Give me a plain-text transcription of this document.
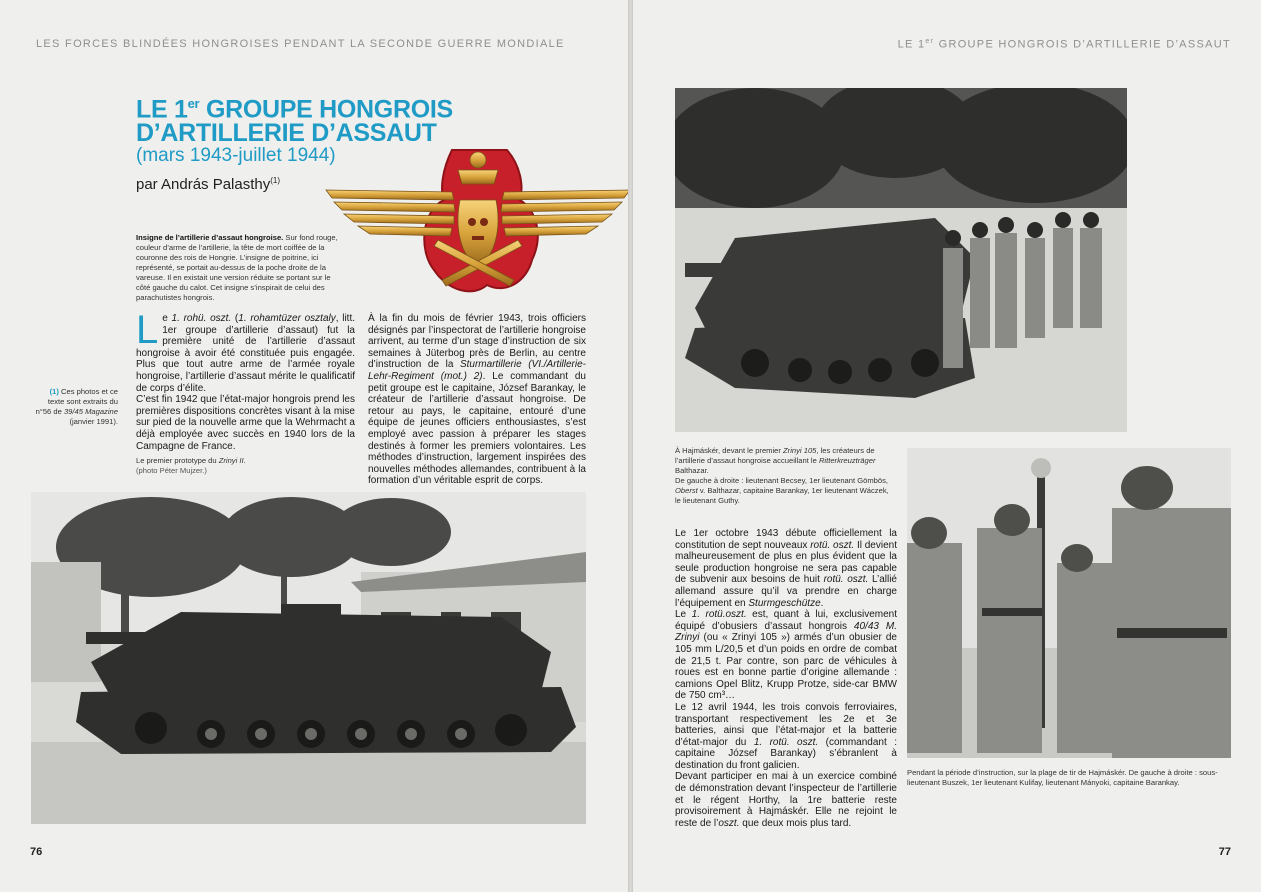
LES FORCES BLINDÉES HONGROISES PENDANT LA SECONDE GUERRE MONDIALE
LE 1er GROUPE HONGROIS
D’ARTILLERIE D’ASSAUT
(mars 1943-juillet 1944)
par András Palasthy$^{(1)}$
Insigne de l’artillerie d’assaut hongroise. Sur fond rouge, couleur d’arme de l’artillerie, la tête de mort coiffée de la couronne des rois de Hongrie. L’insigne de poitrine, ici représenté, se portait au-dessus de la poche droite de la vareuse. Il en existait une version réduite se portant sur le côté gauche du calot. Cet insigne s’inspirait de celui des parachutistes hongrois.
(1) Ces photos et ce texte sont extraits du n°56 de 39/45 Magazine (janvier 1991).

Le 1. rohü. oszt. (1. rohamtüzer osztaly, litt. 1er groupe d’artillerie d’assaut) fut la première unité de l’artillerie d’assaut hongroise à avoir été constituée puis engagée. Plus que tout autre arme de l’armée royale hongroise, l’artillerie d’assaut mérite le qualificatif de corps d’élite.

C’est fin 1942 que l’état-major hongrois prend les premières dispositions concrètes visant à la mise sur pied de la nouvelle arme que la Wehrmacht a déjà employée avec succès en 1940 lors de la Campagne de France.

Le premier prototype du Zrinyi II.
(photo Péter Mujzer.)

À la fin du mois de février 1943, trois officiers désignés par l’inspectorat de l’artillerie hongroise arrivent, au terme d’un stage d’instruction de six semaines à Jüterbog près de Berlin, au centre d’instruction de la Sturmartillerie (VI./Artillerie-Lehr-Regiment (mot.) 2). Le commandant du petit groupe est le capitaine, József Barankay, le créateur de l’artillerie d’assaut hongroise. De retour au pays, le capitaine, entouré d’une équipe de jeunes officiers enthousiastes, s’est employé avec passion à préparer les stages destinés à former les premiers volontaires. Les méthodes d’instruction, largement inspirées des nouvelles méthodes allemandes, contribuent à la formation d’un véritable esprit de corps.

76
LE 1er GROUPE HONGROIS D’ARTILLERIE D’ASSAUT
À Hajmáskér, devant le premier Zrinyi 105, les créateurs de l’artillerie d’assaut hongroise accueillant le Ritterkreuzträger Balthazar.
De gauche à droite : lieutenant Becsey, 1er lieutenant Gömbös, Oberst v. Balthazar, capitaine Barankay, 1er lieutenant Wáczek, le lieutenant Guthy.

Le 1er octobre 1943 débute officiellement la constitution de sept nouveaux rotü. oszt. Il devient malheureusement de plus en plus évident que la seule production hongroise ne sera pas capable de subvenir aux besoins de huit rotü. oszt. L’allié allemand assure qu’il va prendre en charge l’équipement en Sturmgeschütze.

Le 1. rotü.oszt. est, quant à lui, exclusivement équipé d’obusiers d’assaut hongrois 40/43 M. Zrinyi (ou « Zrinyi 105 ») armés d’un obusier de 105 mm L/20,5 et d’un poids en ordre de combat de 21,5 t. Par contre, son parc de véhicules à roues est en bonne partie d’origine allemande : camions Opel Blitz, Krupp Protze, side-car BMW de 750 cm³…

Le 12 avril 1944, les trois convois ferroviaires, transportant respectivement les 2e et 3e batteries, ainsi que l’état-major et la batterie d’état-major du 1. rotü. oszt. (commandant : capitaine József Barankay) s’ébranlent à destination du front galicien.

Devant participer en mai à un exercice combiné de démonstration devant l’inspecteur de l’artillerie et le régent Horthy, la 1re batterie reste provisoirement à Hajmáskér. Elle ne rejoint le reste de l’oszt. que deux mois plus tard.

Pendant la période d’instruction, sur la plage de tir de Hajmáskér. De gauche à droite : sous-lieutenant Buszek, 1er lieutenant Kulifay, lieutenant Mányoki, capitaine Barankay.
77
